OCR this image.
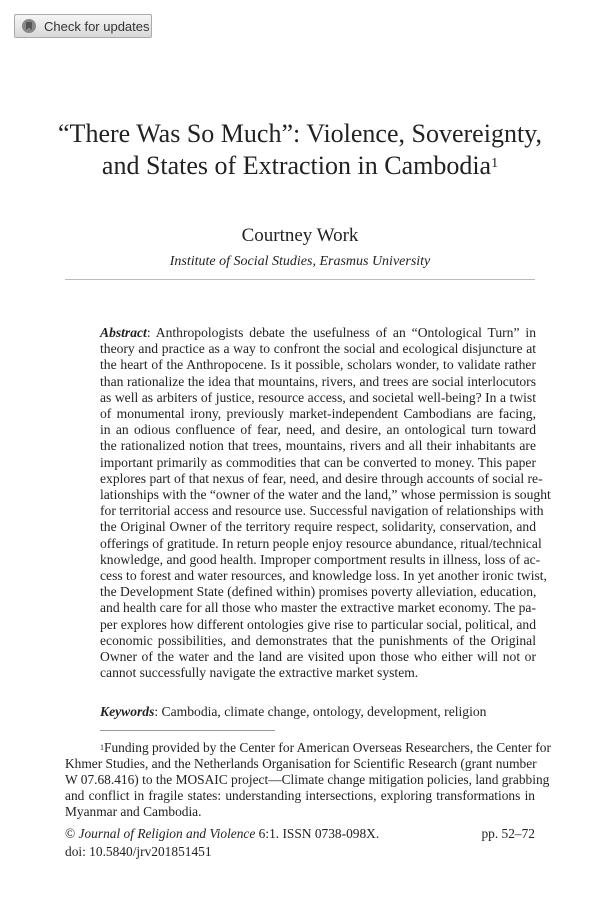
Check for updates
“There Was So Much”: Violence, Sovereignty,
and States of Extraction in Cambodia$^1$
Courtney Work
Institute of Social Studies, Erasmus University
Abstract: Anthropologists debate the usefulness of an “Ontological Turn” in
theory and practice as a way to confront the social and ecological disjuncture at
the heart of the Anthropocene. Is it possible, scholars wonder, to validate rather
than rationalize the idea that mountains, rivers, and trees are social interlocutors
as well as arbiters of justice, resource access, and societal well-being? In a twist
of monumental irony, previously market-independent Cambodians are facing,
in an odious confluence of fear, need, and desire, an ontological turn toward
the rationalized notion that trees, mountains, rivers and all their inhabitants are
important primarily as commodities that can be converted to money. This paper
explores part of that nexus of fear, need, and desire through accounts of social re-
lationships with the “owner of the water and the land,” whose permission is sought
for territorial access and resource use. Successful navigation of relationships with
the Original Owner of the territory require respect, solidarity, conservation, and
offerings of gratitude. In return people enjoy resource abundance, ritual/technical
knowledge, and good health. Improper comportment results in illness, loss of ac-
cess to forest and water resources, and knowledge loss. In yet another ironic twist,
the Development State (defined within) promises poverty alleviation, education,
and health care for all those who master the extractive market economy. The pa-
per explores how different ontologies give rise to particular social, political, and
economic possibilities, and demonstrates that the punishments of the Original
Owner of the water and the land are visited upon those who either will not or
cannot successfully navigate the extractive market system.
Keywords: Cambodia, climate change, ontology, development, religion
$^1$Funding provided by the Center for American Overseas Researchers, the Center for
Khmer Studies, and the Netherlands Organisation for Scientific Research (grant number
W 07.68.416) to the MOSAIC project—Climate change mitigation policies, land grabbing
and conflict in fragile states: understanding intersections, exploring transformations in
Myanmar and Cambodia.
© Journal of Religion and Violence 6:1. ISSN 0738-098X.	pp. 52–72
doi: 10.5840/jrv201851451
